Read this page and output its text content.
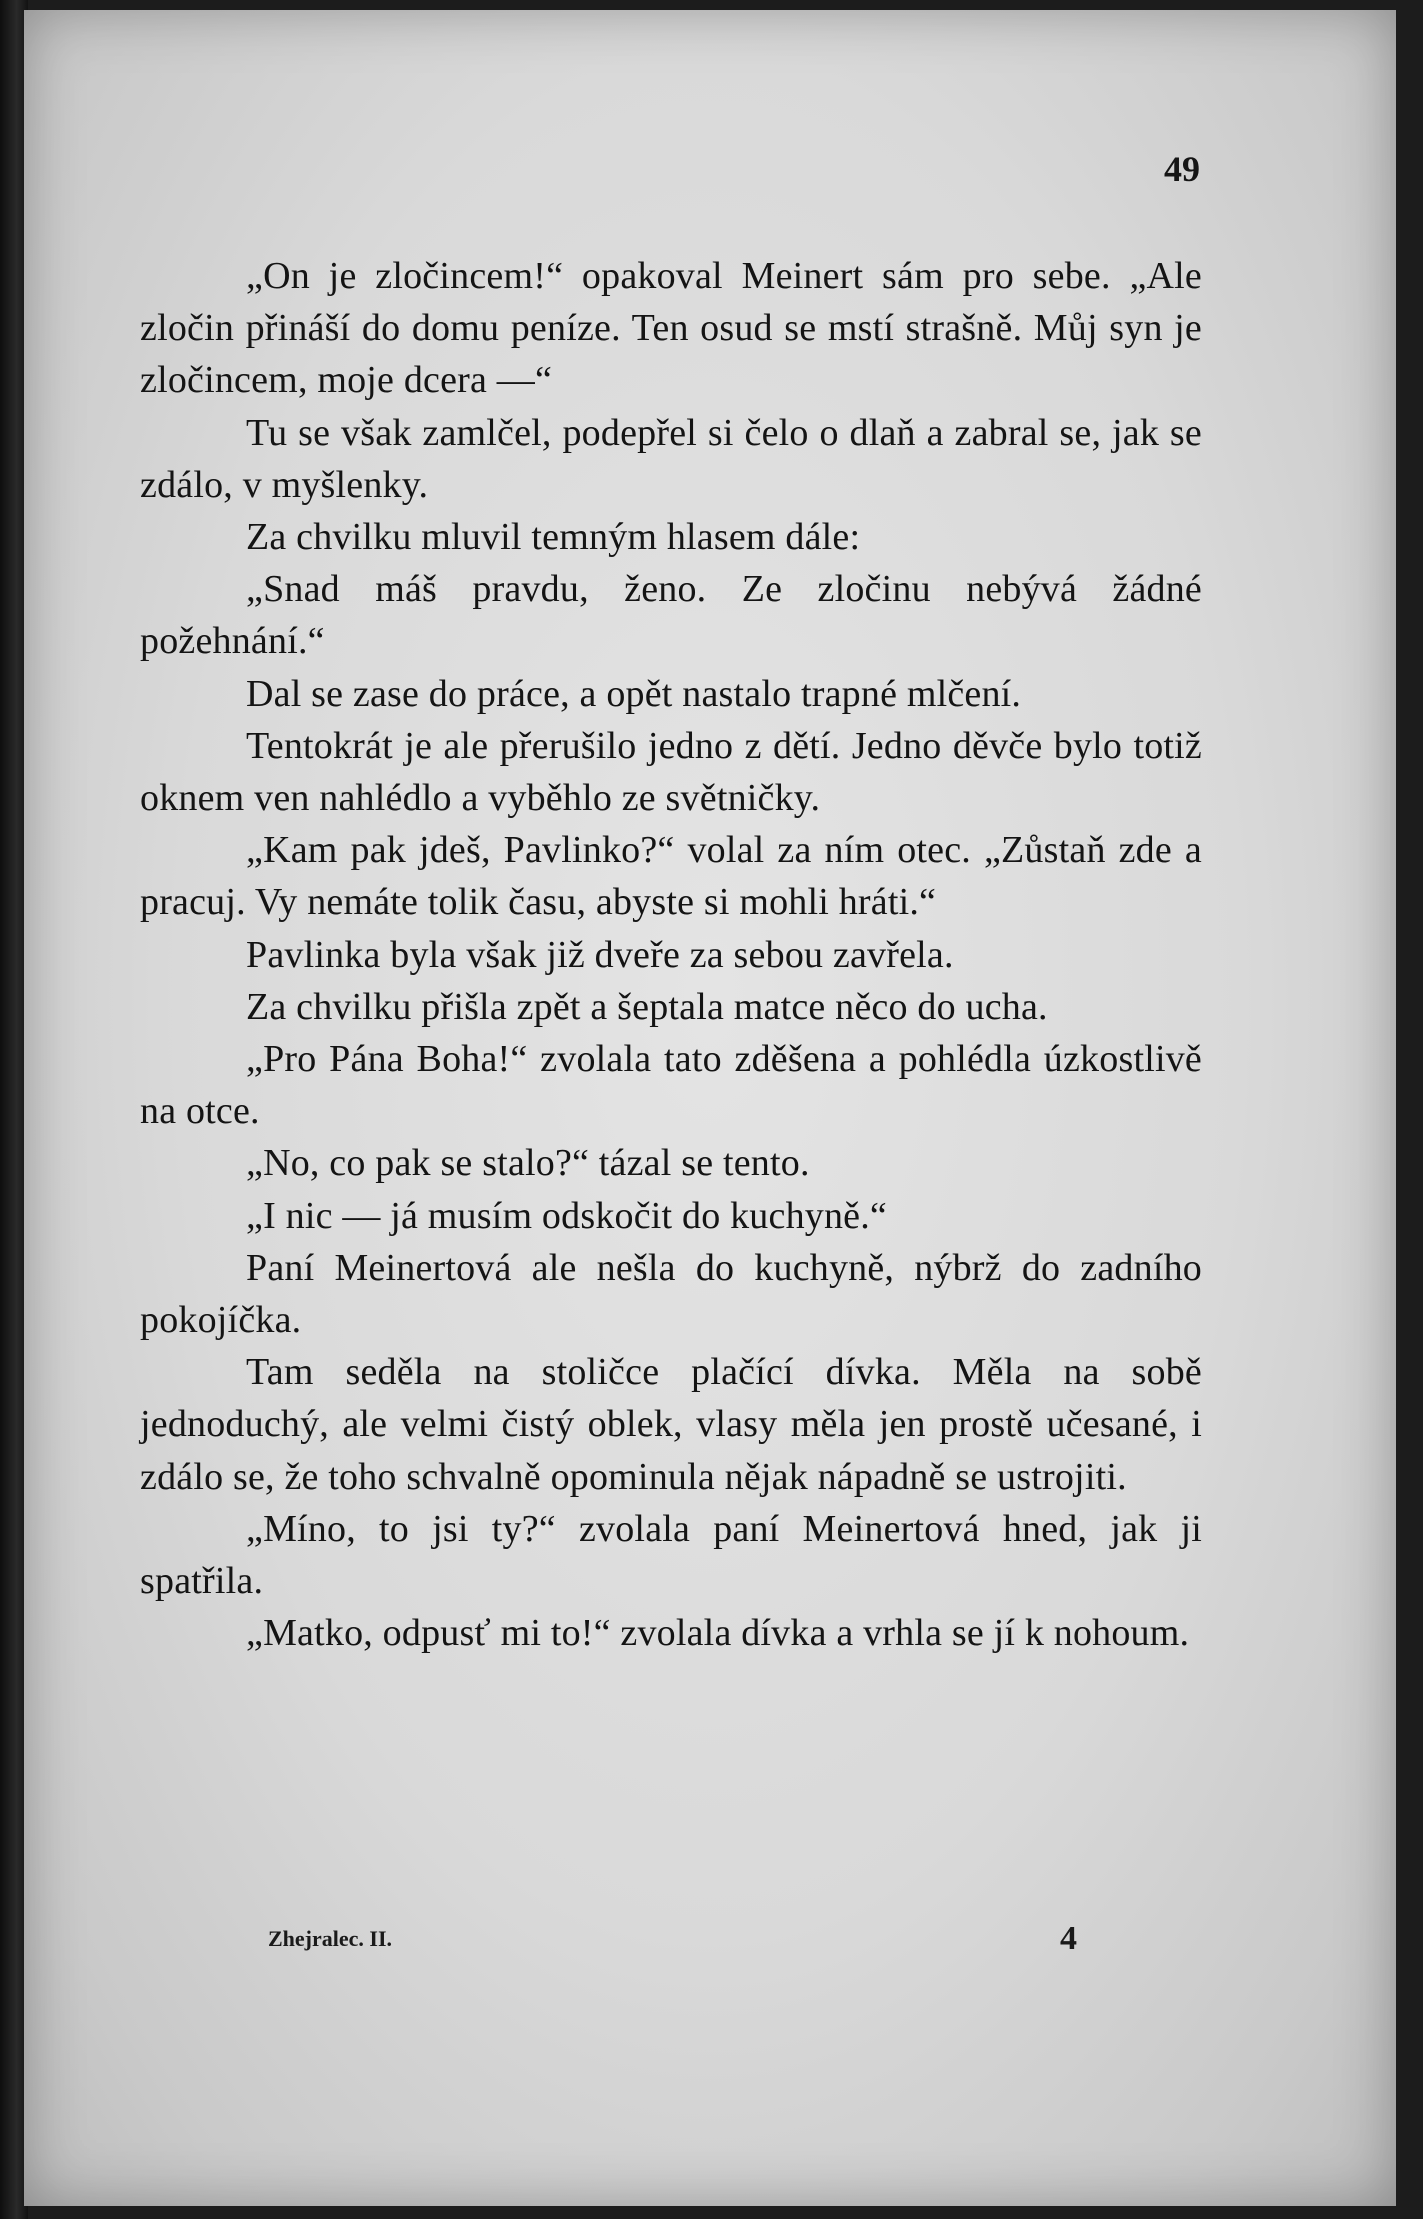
49

„On je zločincem!“ opakoval Meinert sám pro sebe. „Ale zločin přináší do domu peníze. Ten osud se mstí strašně. Můj syn je zločincem, moje dcera —“

Tu se však zamlčel, podepřel si čelo o dlaň a zabral se, jak se zdálo, v myšlenky.

Za chvilku mluvil temným hlasem dále:

„Snad máš pravdu, ženo. Ze zločinu nebývá žádné požehnání.“

Dal se zase do práce, a opět nastalo trapné mlčení.

Tentokrát je ale přerušilo jedno z dětí. Jedno děvče bylo totiž oknem ven nahlédlo a vyběhlo ze světničky.

„Kam pak jdeš, Pavlinko?“ volal za ním otec. „Zůstaň zde a pracuj. Vy nemáte tolik času, abyste si mohli hráti.“

Pavlinka byla však již dveře za sebou zavřela.

Za chvilku přišla zpět a šeptala matce něco do ucha.

„Pro Pána Boha!“ zvolala tato zděšena a pohlédla úzkostlivě na otce.

„No, co pak se stalo?“ tázal se tento.

„I nic — já musím odskočit do kuchyně.“

Paní Meinertová ale nešla do kuchyně, nýbrž do zadního pokojíčka.

Tam seděla na stoličce plačící dívka. Měla na sobě jednoduchý, ale velmi čistý oblek, vlasy měla jen prostě učesané, i zdálo se, že toho schvalně opominula nějak nápadně se ustrojiti.

„Míno, to jsi ty?“ zvolala paní Meinertová hned, jak ji spatřila.

„Matko, odpusť mi to!“ zvolala dívka a vrhla se jí k nohoum.

Zhejralec. II.	4
